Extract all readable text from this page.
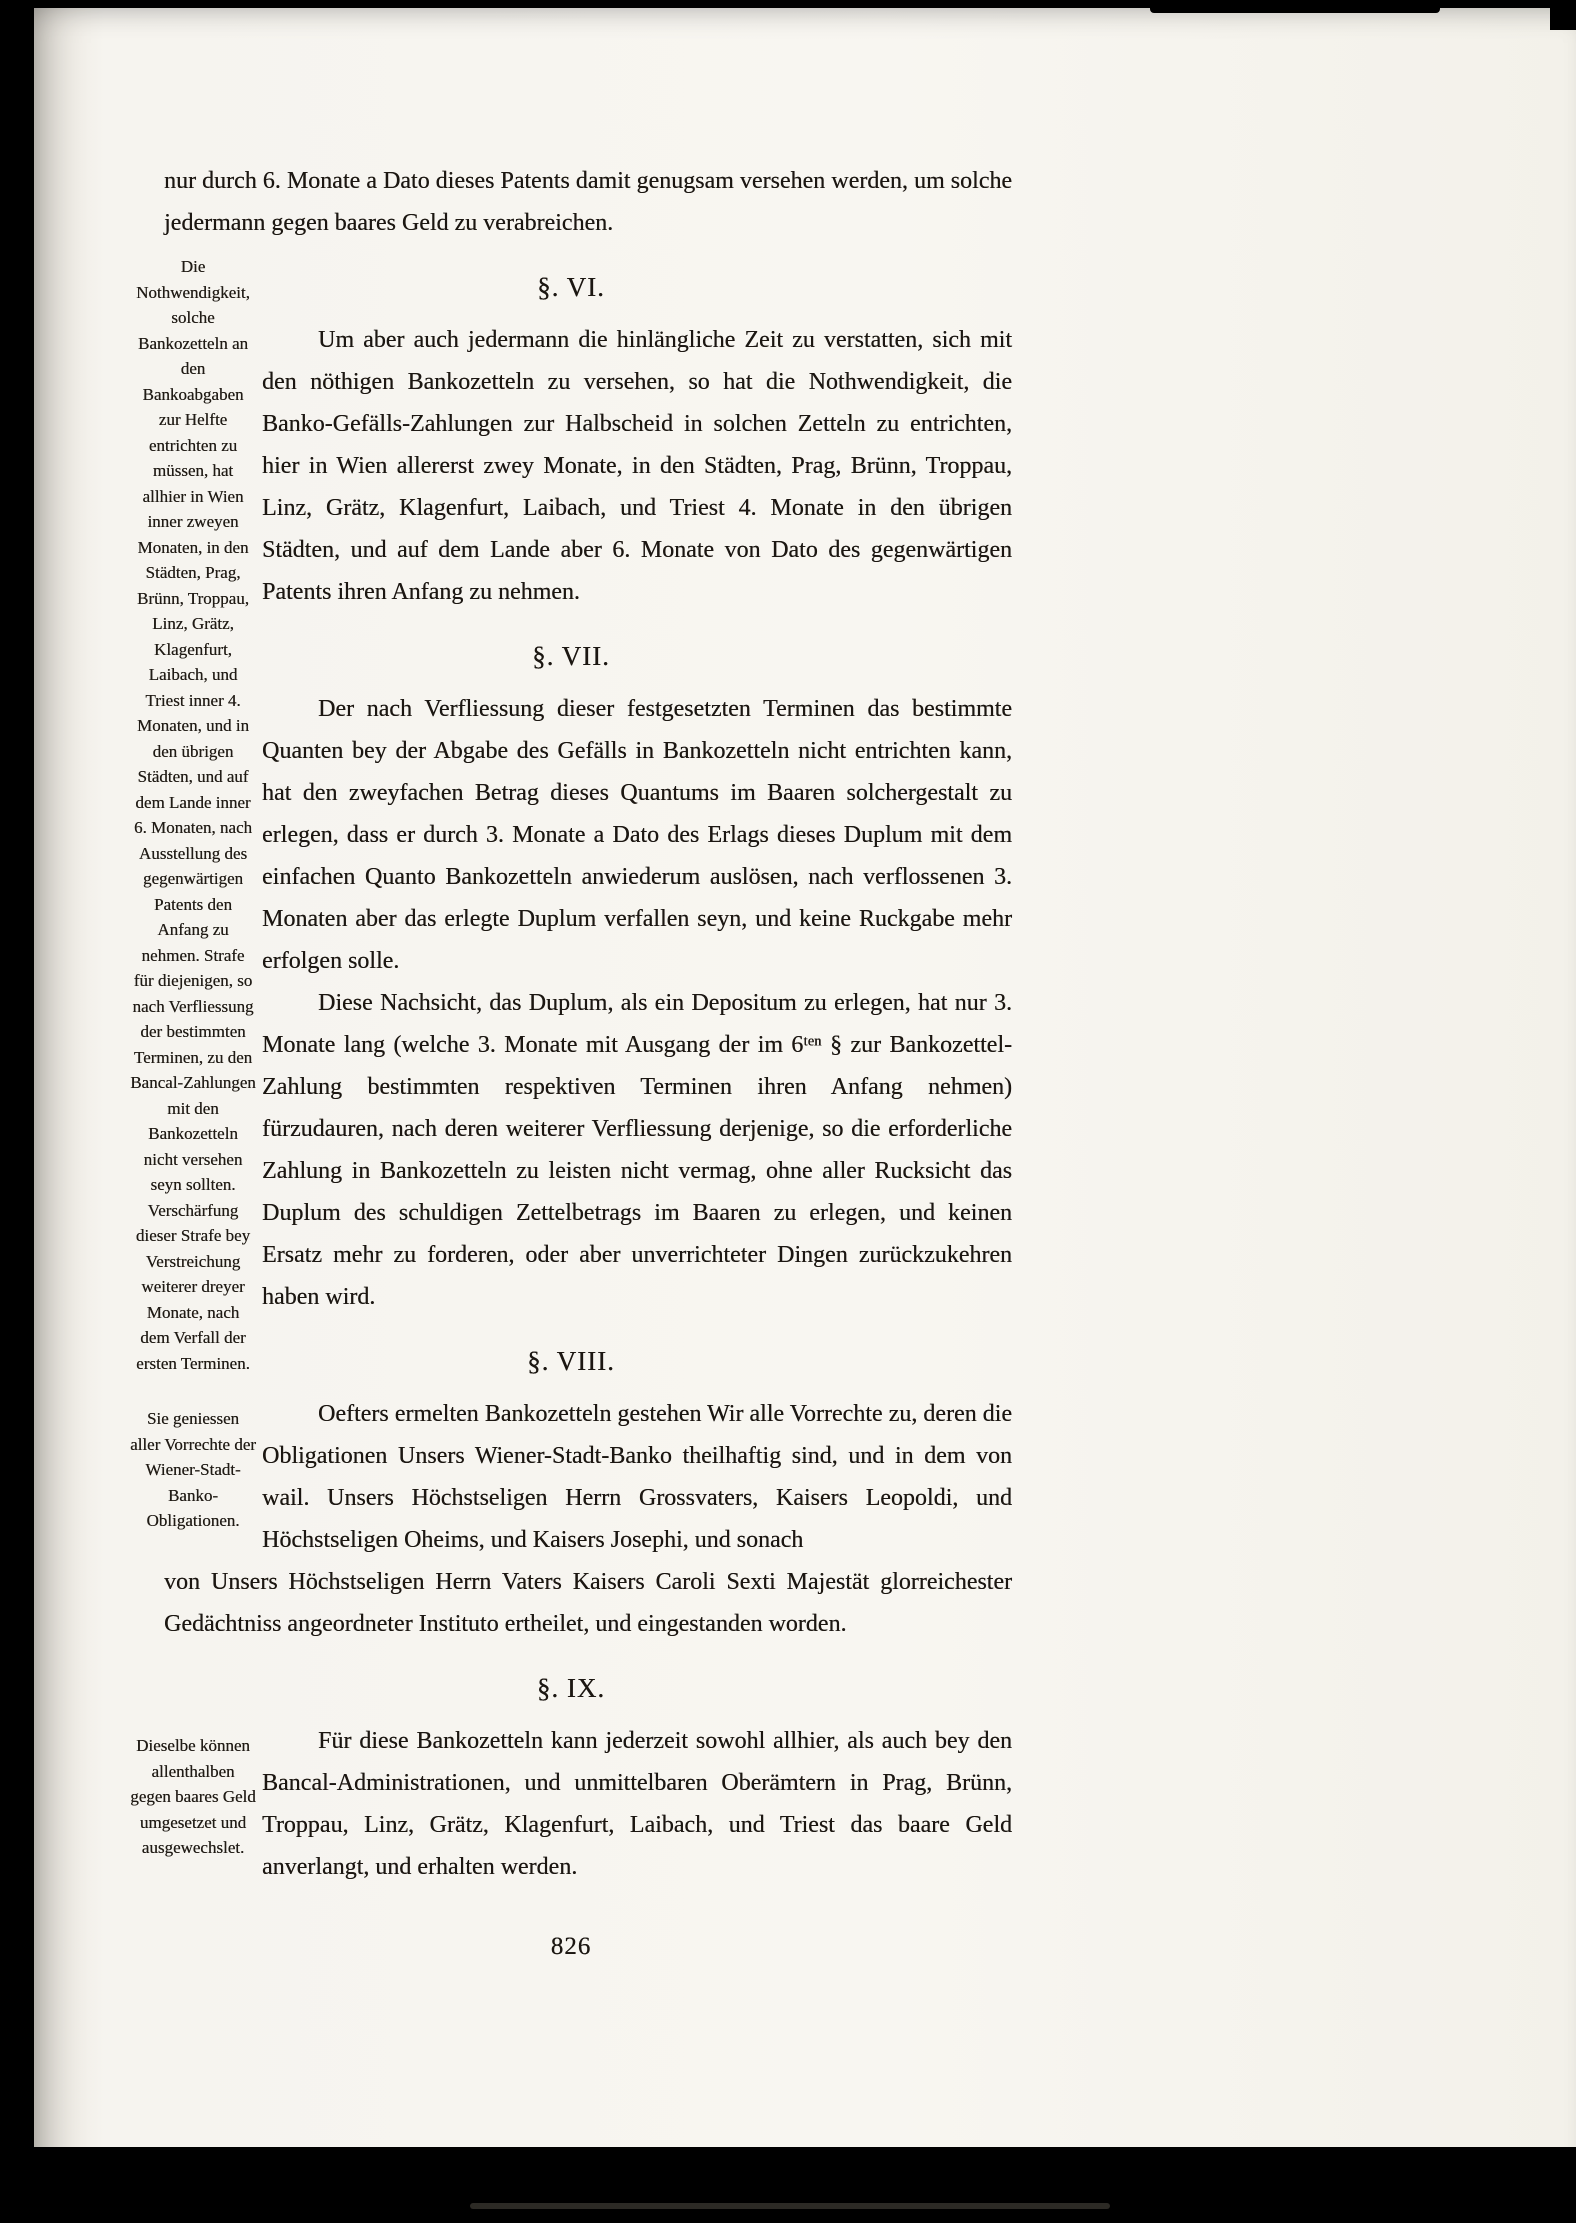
nur durch 6. Monate a Dato dieses Patents damit genugsam versehen werden, um solche jedermann gegen baares Geld zu verabreichen.

Die Nothwendigkeit, solche Bankozetteln an den Bankoabgaben zur Helfte entrichten zu müssen, hat allhier in Wien inner zweyen Monaten, in den Städten, Prag, Brünn, Troppau, Linz, Grätz, Klagenfurt, Laibach, und Triest inner 4. Monaten, und in den übrigen Städten, und auf dem Lande inner 6. Monaten, nach Ausstellung des gegenwärtigen Patents den Anfang zu nehmen. Strafe für diejenigen, so nach Verfliessung der bestimmten Terminen, zu den Bancal-Zahlungen mit den Bankozetteln nicht versehen seyn sollten. Verschärfung dieser Strafe bey Verstreichung weiterer dreyer Monate, nach dem Verfall der ersten Terminen.

§. VI.

Um aber auch jedermann die hinlängliche Zeit zu verstatten, sich mit den nöthigen Bankozetteln zu versehen, so hat die Nothwendigkeit, die Banko-Gefälls-Zahlungen zur Halbscheid in solchen Zetteln zu entrichten, hier in Wien allererst zwey Monate, in den Städten, Prag, Brünn, Troppau, Linz, Grätz, Klagenfurt, Laibach, und Triest 4. Monate in den übrigen Städten, und auf dem Lande aber 6. Monate von Dato des gegenwärtigen Patents ihren Anfang zu nehmen.

§. VII.

Der nach Verfliessung dieser festgesetzten Terminen das bestimmte Quanten bey der Abgabe des Gefälls in Bankozetteln nicht entrichten kann, hat den zweyfachen Betrag dieses Quantums im Baaren solchergestalt zu erlegen, dass er durch 3. Monate a Dato des Erlags dieses Duplum mit dem einfachen Quanto Bankozetteln anwiederum auslösen, nach verflossenen 3. Monaten aber das erlegte Duplum verfallen seyn, und keine Ruckgabe mehr erfolgen solle.

Diese Nachsicht, das Duplum, als ein Depositum zu erlegen, hat nur 3. Monate lang (welche 3. Monate mit Ausgang der im 6ᵗᵉⁿ § zur Bankozettel-Zahlung bestimmten respektiven Terminen ihren Anfang nehmen) fürzudauren, nach deren weiterer Verfliessung derjenige, so die erforderliche Zahlung in Bankozetteln zu leisten nicht vermag, ohne aller Rucksicht das Duplum des schuldigen Zettelbetrags im Baaren zu erlegen, und keinen Ersatz mehr zu forderen, oder aber unverrichteter Dingen zurückzukehren haben wird.

Sie geniessen aller Vorrechte der Wiener-Stadt-Banko-Obligationen.

§. VIII.

Oefters ermelten Bankozetteln gestehen Wir alle Vorrechte zu, deren die Obligationen Unsers Wiener-Stadt-Banko theilhaftig sind, und in dem von wail. Unsers Höchstseligen Herrn Grossvaters, Kaisers Leopoldi, und Höchstseligen Oheims, und Kaisers Josephi, und sonach

von Unsers Höchstseligen Herrn Vaters Kaisers Caroli Sexti Majestät glorreichester Gedächtniss angeordneter Instituto ertheilet, und eingestanden worden.

Dieselbe können allenthalben gegen baares Geld umgesetzet und ausgewechslet.

§. IX.

Für diese Bankozetteln kann jederzeit sowohl allhier, als auch bey den Bancal-Administrationen, und unmittelbaren Oberämtern in Prag, Brünn, Troppau, Linz, Grätz, Klagenfurt, Laibach, und Triest das baare Geld anverlangt, und erhalten werden.

826
